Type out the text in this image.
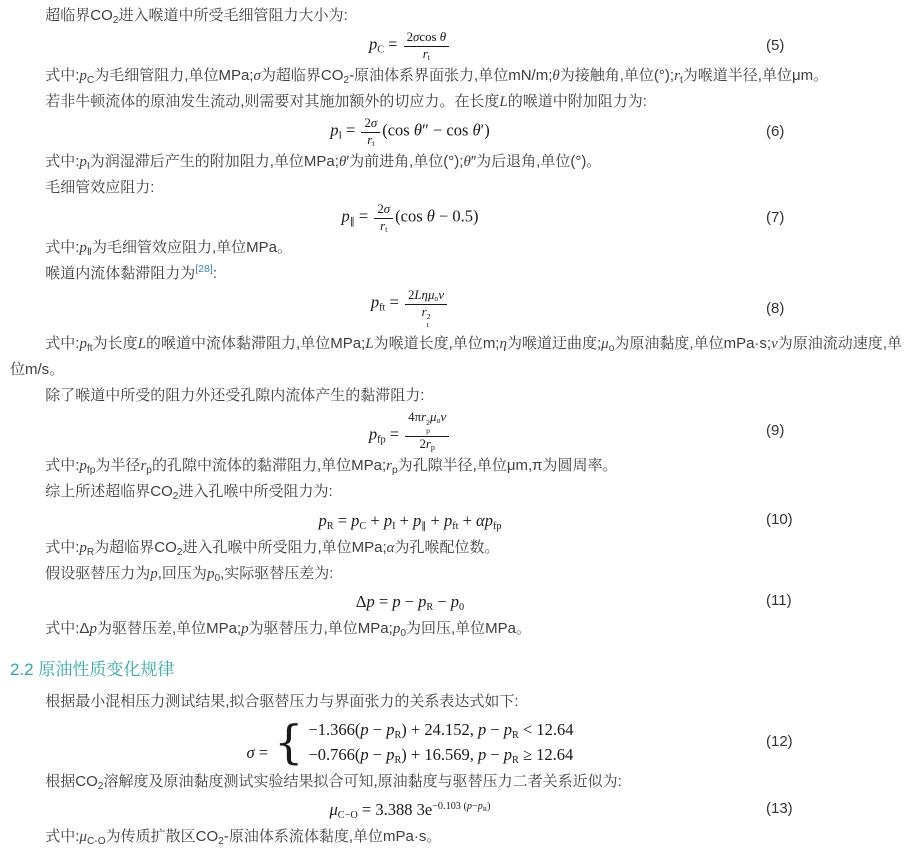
超临界$CO_2$进入喉道中所受毛细管阻力大小为:

$p_C = \frac{\text{2σcos θ}}{r_t}$	(5)

式中$:p_C$为毛细管阻力,单位MPa;σ为超临界$CO_2-$原油体系界面张力,单位mN/m;θ为接触角,单位$(^\circ);r_t$为喉道半径,单位μm。

若非牛顿流体的原油发生流动,则需要对其施加额外的切应力。在长度L的喉道中附加阻力为:

$p_I = \frac{2\sigma}{r_t} (\cos$ θ″ − cos θ′)	(6)

式中$:p_I$为润湿滞后产生的附加阻力,单位MPa;θ′为前进角,单位(°);θ″为后退角,单位(°)。

毛细管效应阻力:

$p_\parallel = \frac{2\sigma}{r_t} (\cos$ θ − 0.5)	(7)

式中$:p_Ⅱ$为毛细管效应阻力,单位MPa。

喉道内流体黏滞阻力为[28]:

$p_{ft} = 2L\eta\mu_ov$
r 2
t	(8)

式中$:p_{ft}$为长度L的喉道中流体黏滞阻力,单位MPa;L为喉道长度,单位m;η为喉道迂曲度$;\mu_o$为原油黏度,单位mPa·s;v为原油流动速度,单位m/s。

除了喉道中所受的阻力外还受孔隙内流体产生的黏滞阻力:

$p_{fp} = 4\pi r$ 2
p
$\mu_ov$
$2r_p$	(9)

式中$:p_{fp}$为半径$r_p$的孔隙中流体的黏滞阻力,单位$MPa;r_p$为孔隙半径,单位μm,π为圆周率。

综上所述超临界$CO_2$进入孔喉中所受阻力为:

$p_R = p_C + p_I + p_\parallel + p_{ft} + \alpha p_{fp}$	(10)

式中$:p_R$为超临界$CO_2$进入孔喉中所受阻力,单位MPa;α为孔喉配位数。

假设驱替压力为p,回压为$p_0$,实际驱替压差为:

$\Delta p = p - p_R - p_0$	(11)

式中:Δp为驱替压差,单位MPa;p为驱替压力,单位$MPa;p_0$为回压,单位MPa。

2.2 原油性质变化规律

根据最小混相压力测试结果,拟合驱替压力与界面张力的关系表达式如下:

σ = { $-1.366(p - p_R) + 24.152$, $p - p_R < 12.64$
$-0.766(p - p_R) + 16.569$, $p - p_R \ge 12.64$
(12)

根据$CO_2$溶解度及原油黏度测试实验结果拟合可知,原油黏度与驱替压力二者关系近似为:

$\mu_{C-O} = 3.388$ $3e^{-0.103 (p-p_R)}$	(13)

式中$:\mu_{C-O}$为传质扩散区$CO_2-$原油体系流体黏度,单位mPa·s。
